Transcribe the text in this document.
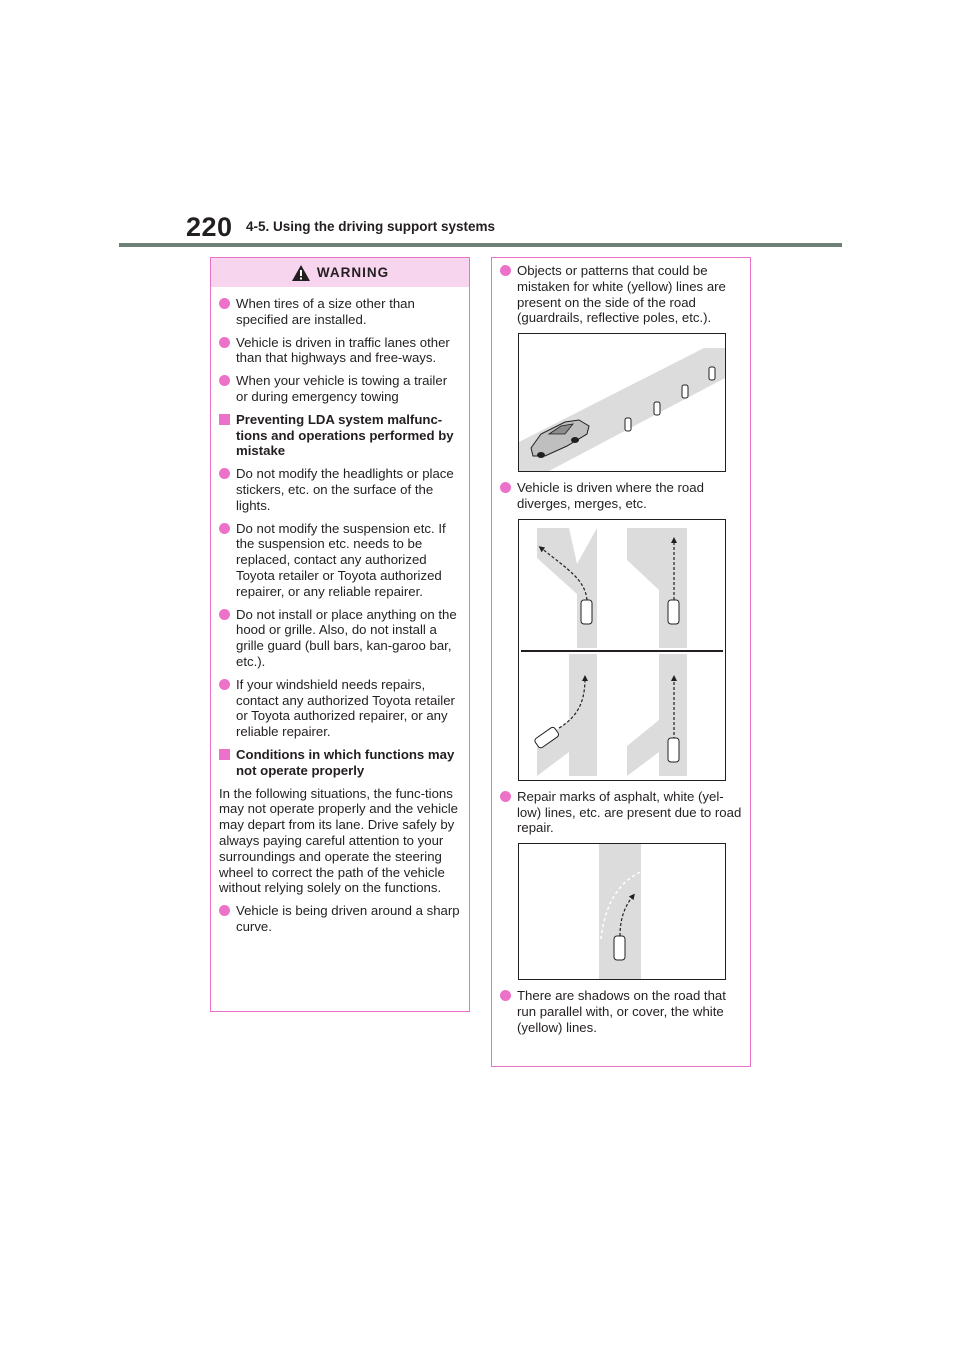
220 4-5. Using the driving support systems
WARNING
When tires of a size other than specified are installed.
Vehicle is driven in traffic lanes other than that highways and free-ways.
When your vehicle is towing a trailer or during emergency towing
Preventing LDA system malfunc-tions and operations performed by mistake
Do not modify the headlights or place stickers, etc. on the surface of the lights.
Do not modify the suspension etc. If the suspension etc. needs to be replaced, contact any authorized Toyota retailer or Toyota authorized repairer, or any reliable repairer.
Do not install or place anything on the hood or grille. Also, do not install a grille guard (bull bars, kan-garoo bar, etc.).
If your windshield needs repairs, contact any authorized Toyota retailer or Toyota authorized repairer, or any reliable repairer.
Conditions in which functions may not operate properly
In the following situations, the func-tions may not operate properly and the vehicle may depart from its lane. Drive safely by always paying careful attention to your surroundings and operate the steering wheel to correct the path of the vehicle without relying solely on the functions.
Vehicle is being driven around a sharp curve.
Objects or patterns that could be mistaken for white (yellow) lines are present on the side of the road (guardrails, reflective poles, etc.).
Vehicle is driven where the road diverges, merges, etc.
Repair marks of asphalt, white (yel-low) lines, etc. are present due to road repair.
There are shadows on the road that run parallel with, or cover, the white (yellow) lines.
